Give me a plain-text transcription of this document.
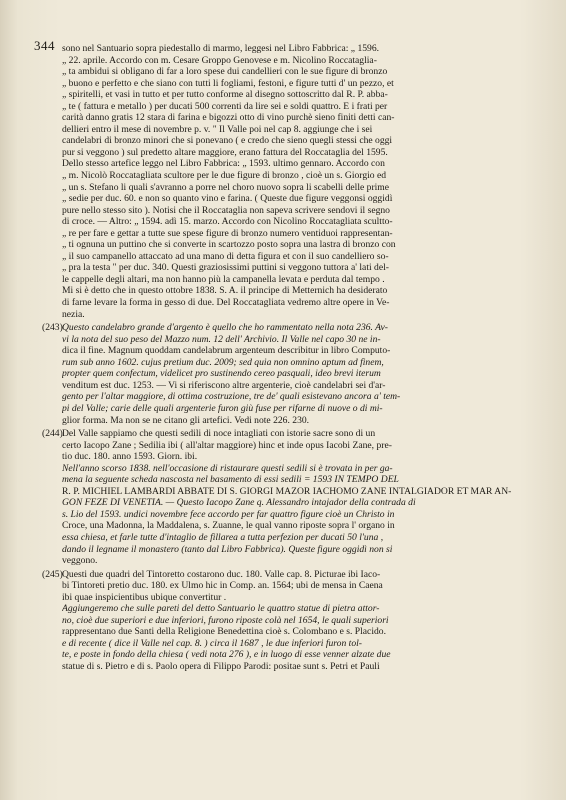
344 sono nel Santuario sopra piedestallo di marmo, leggesi nel Libro Fabbrica: „ 1596.
„ 22. aprile. Accordo con m. Cesare Groppo Genovese e m. Nicolino Roccataglia-
„ ta ambidui si obligano di far a loro spese dui candellieri con le sue figure di bronzo
„ buono e perfetto e che siano con tutti li fogliami, festoni, e figure tutti d' un pezzo, et
„ spiritelli, et vasi in tutto et per tutto conforme al disegno sottoscritto dal R. P. abba-
„ te ( fattura e metallo ) per ducati 500 correnti da lire sei e soldi quattro. E i frati per
carità danno gratis 12 stara di farina e bigozzi otto di vino purchè sieno finiti detti can-
dellieri entro il mese di novembre p. v. " Il Valle poi nel cap 8. aggiunge che i sei
candelabri di bronzo minori che si ponevano ( e credo che sieno quegli stessi che oggi
pur si veggono ) sul predetto altare maggiore, erano fattura del Roccataglia del 1595.
Dello stesso artefice leggo nel Libro Fabbrica: „ 1593. ultimo gennaro. Accordo con
„ m. Nicolò Roccatagliata scultore per le due figure di bronzo , cioè un s. Giorgio ed
„ un s. Stefano li quali s'avranno a porre nel choro nuovo sopra li scabelli delle prime
„ sedie per duc. 60. e non so quanto vino e farina. ( Queste due figure veggonsi oggidì
pure nello stesso sito ). Notisi che il Roccataglia non sapeva scrivere sendovi il segno
di croce. — Altro: „ 1594. adì 15. marzo. Accordo con Nicolino Roccatagliata scultto-
„ re per fare e gettar a tutte sue spese figure di bronzo numero ventiduoi rappresentan-
„ ti ognuna un puttino che si converte in scartozzo posto sopra una lastra di bronzo con
„ il suo campanello attaccato ad una mano di detta figura et con il suo candelliero so-
„ pra la testa " per duc. 340. Questi graziosissimi puttini si veggono tuttora a' lati del-
le cappelle degli altari, ma non hanno più la campanella levata e perduta dal tempo .
Mi si è detto che in questo ottobre 1838. S. A. il principe di Metternich ha desiderato
di farne levare la forma in gesso di due. Del Roccatagliata vedremo altre opere in Ve-
nezia.

(243) Questo candelabro grande d'argento è quello che ho rammentato nella nota 236. Av-
vi la nota del suo peso del Mazzo num. 12 dell' Archivio. Il Valle nel capo 30 ne in-
dica il fine. Magnum quoddam candelabrum argenteum describitur in libro Computo-
rum sub anno 1602. cujus pretium duc. 2009; sed quia non omnino aptum ad finem,
propter quem confectum, videlicet pro sustinendo cereo pasquali, ideo brevi iterum
venditum est duc. 1253. — Vi si riferiscono altre argenterie, cioè candelabri sei d'ar-
gento per l'altar maggiore, di ottima costruzione, tre de' quali esistevano ancora a' tem-
pi del Valle; carie delle quali argenterie furon giù fuse per rifarne di nuove o di mi-
glior forma. Ma non se ne citano gli artefici. Vedi note 226. 230.

(244) Del Valle sappiamo che questi sedili di noce intagliati con istorie sacre sono di un
certo Iacopo Zane ; Sedilia ibi ( all'altar maggiore) hinc et inde opus Iacobi Zane, pre-
tio duc. 180. anno 1593. Giorn. ibi.

Nell'anno scorso 1838. nell'occasione di ristaurare questi sedili si è trovata in per ga-
mena la seguente scheda nascosta nel basamento di essi sedili = 1593 IN TEMPO DEL
R. P. MICHIEL LAMBARDI ABBATE DI S. GIORGI MAZOR IACHOMO ZANE INTALGIADOR ET MAR AN-
GON FEZE DI VENETIA. — Questo Iacopo Zane q. Alessandro intajador della contrada di
s. Lio del 1593. undici novembre fece accordo per far quattro figure cioè un Christo in
Croce, una Madonna, la Maddalena, s. Zuanne, le qual vanno riposte sopra l' organo in
essa chiesa, et farle tutte d'intaglio de fillarea a tutta perfezion per ducati 50 l'una ,
dando il legname il monastero (tanto dal Libro Fabbrica). Queste figure oggidì non si
veggono.

(245) Questi due quadri del Tintoretto costarono duc. 180. Valle cap. 8. Picturae ibi Iaco-
bi Tintoreti pretio duc. 180. ex Ulmo hic in Comp. an. 1564; ubi de mensa in Caena
ibi quae inspicientibus ubique convertitur .

Aggiungeremo che sulle pareti del detto Santuario le quattro statue di pietra attor-
no, cioè due superiori e due inferiori, furono riposte colà nel 1654, le quali superiori
rappresentano due Santi della Religione Benedettina cioè s. Colombano e s. Placido.
e di recente ( dice il Valle nel cap. 8. ) circa il 1687 , le due inferiori furon tol-
te, e poste in fondo della chiesa ( vedi nota 276 ), e in luogo di esse venner alzate due
statue di s. Pietro e di s. Paolo opera di Filippo Parodi: positae sunt s. Petri et Pauli
